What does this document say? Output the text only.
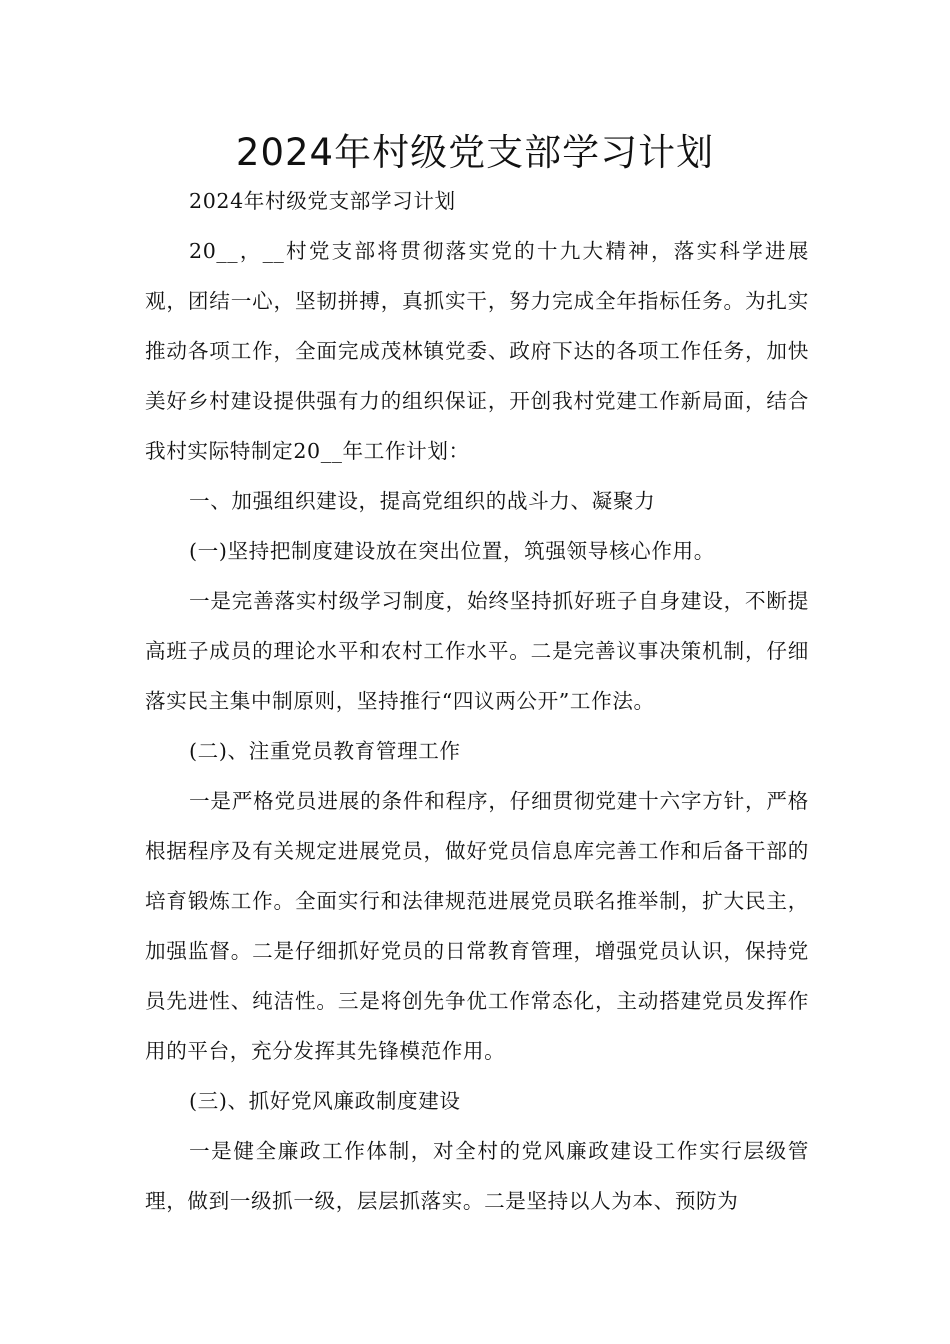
2024年村级党支部学习计划

2024年村级党支部学习计划

20__，__村党支部将贯彻落实党的十九大精神，落实科学进展观，团结一心，坚韧拼搏，真抓实干，努力完成全年指标任务。为扎实推动各项工作，全面完成茂林镇党委、政府下达的各项工作任务，加快美好乡村建设提供强有力的组织保证，开创我村党建工作新局面，结合我村实际特制定20__年工作计划：

一、加强组织建设，提高党组织的战斗力、凝聚力

(一)坚持把制度建设放在突出位置，筑强领导核心作用。

一是完善落实村级学习制度，始终坚持抓好班子自身建设，不断提高班子成员的理论水平和农村工作水平。二是完善议事决策机制，仔细落实民主集中制原则，坚持推行“四议两公开”工作法。

(二)、注重党员教育管理工作

一是严格党员进展的条件和程序，仔细贯彻党建十六字方针，严格根据程序及有关规定进展党员，做好党员信息库完善工作和后备干部的培育锻炼工作。全面实行和法律规范进展党员联名推举制，扩大民主，加强监督。二是仔细抓好党员的日常教育管理，增强党员认识，保持党员先进性、纯洁性。三是将创先争优工作常态化，主动搭建党员发挥作用的平台，充分发挥其先锋模范作用。

(三)、抓好党风廉政制度建设

一是健全廉政工作体制，对全村的党风廉政建设工作实行层级管理，做到一级抓一级，层层抓落实。二是坚持以人为本、预防为
